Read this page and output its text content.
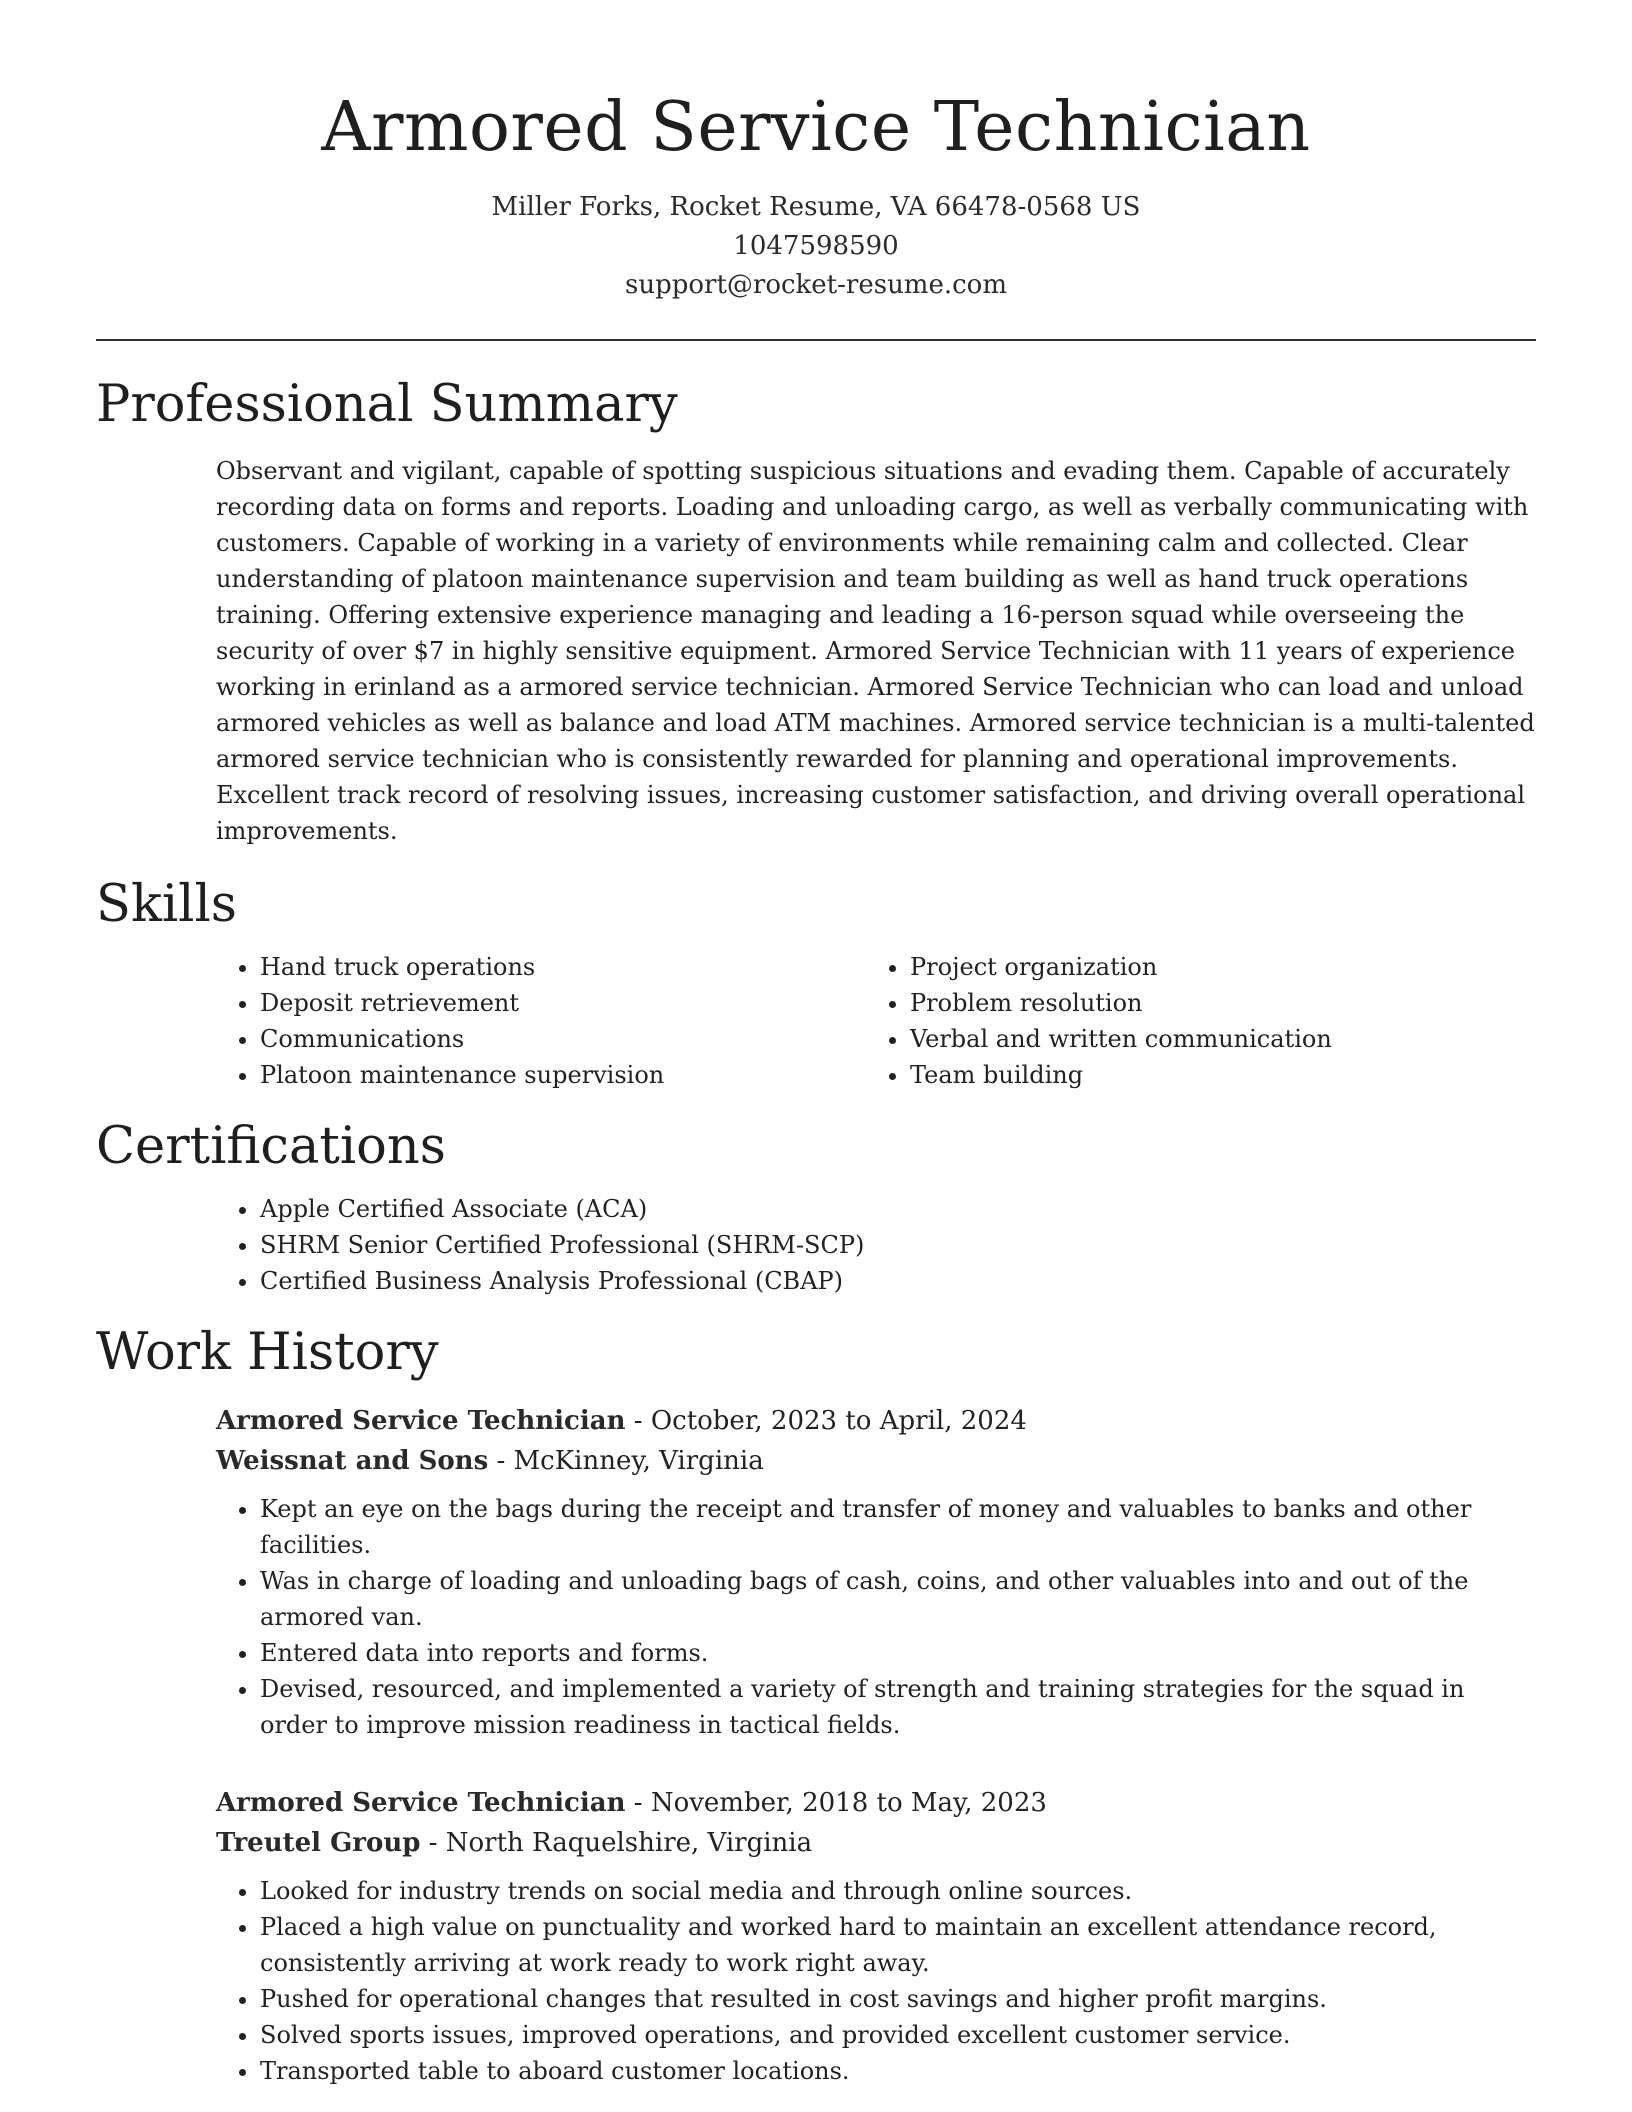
Armored Service Technician
Miller Forks, Rocket Resume, VA 66478-0568 US
1047598590
support@rocket-resume.com
Professional Summary
Observant and vigilant, capable of spotting suspicious situations and evading them. Capable of accurately recording data on forms and reports. Loading and unloading cargo, as well as verbally communicating with customers. Capable of working in a variety of environments while remaining calm and collected. Clear understanding of platoon maintenance supervision and team building as well as hand truck operations training. Offering extensive experience managing and leading a 16-person squad while overseeing the security of over $7 in highly sensitive equipment. Armored Service Technician with 11 years of experience working in erinland as a armored service technician. Armored Service Technician who can load and unload armored vehicles as well as balance and load ATM machines. Armored service technician is a multi-talented armored service technician who is consistently rewarded for planning and operational improvements. Excellent track record of resolving issues, increasing customer satisfaction, and driving overall operational improvements.
Skills
• Hand truck operations
• Deposit retrievement
• Communications
• Platoon maintenance supervision
• Project organization
• Problem resolution
• Verbal and written communication
• Team building
Certifications
• Apple Certified Associate (ACA)
• SHRM Senior Certified Professional (SHRM-SCP)
• Certified Business Analysis Professional (CBAP)
Work History
Armored Service Technician - October, 2023 to April, 2024
Weissnat and Sons - McKinney, Virginia
• Kept an eye on the bags during the receipt and transfer of money and valuables to banks and other facilities.
• Was in charge of loading and unloading bags of cash, coins, and other valuables into and out of the armored van.
• Entered data into reports and forms.
• Devised, resourced, and implemented a variety of strength and training strategies for the squad in order to improve mission readiness in tactical fields.
Armored Service Technician - November, 2018 to May, 2023
Treutel Group - North Raquelshire, Virginia
• Looked for industry trends on social media and through online sources.
• Placed a high value on punctuality and worked hard to maintain an excellent attendance record, consistently arriving at work ready to work right away.
• Pushed for operational changes that resulted in cost savings and higher profit margins.
• Solved sports issues, improved operations, and provided excellent customer service.
• Transported table to aboard customer locations.
